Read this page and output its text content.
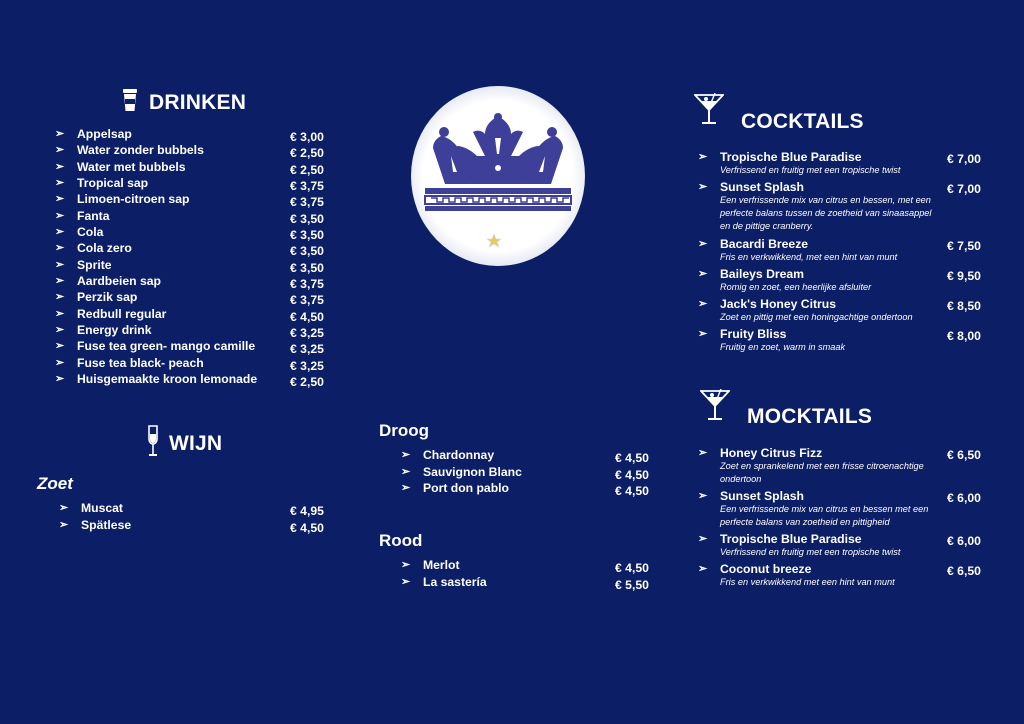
DRINKEN
➢ Appelsap	€ 3,00
➢ Water zonder bubbels	€ 2,50
➢ Water met bubbels	€ 2,50
➢ Tropical sap	€ 3,75
➢ Limoen-citroen sap	€ 3,75
➢ Fanta	€ 3,50
➢ Cola	€ 3,50
➢ Cola zero	€ 3,50
➢ Sprite	€ 3,50
➢ Aardbeien sap	€ 3,75
➢ Perzik sap	€ 3,75
➢ Redbull regular	€ 4,50
➢ Energy drink	€ 3,25
➢ Fuse tea green- mango camille	€ 3,25
➢ Fuse tea black- peach	€ 3,25
➢ Huisgemaakte kroon lemonade	€ 2,50
WIJN
Zoet
➢ Muscat	€ 4,95
➢ Spätlese	€ 4,50
Droog
➢ Chardonnay	€ 4,50
➢ Sauvignon Blanc	€ 4,50
➢ Port don pablo	€ 4,50
Rood
➢ Merlot	€ 4,50
➢ La sastería	€ 5,50
COCKTAILS
➢ Tropische Blue Paradise	€ 7,00
Verfrissend en fruitig met een tropische twist
➢ Sunset Splash	€ 7,00
Een verfrissende mix van citrus en bessen, met een perfecte balans tussen de zoetheid van sinaasappel en de pittige cranberry.
➢ Bacardi Breeze	€ 7,50
Fris en verkwikkend, met een hint van munt
➢ Baileys Dream	€ 9,50
Romig en zoet, een heerlijke afsluiter
➢ Jack's Honey Citrus	€ 8,50
Zoet en pittig met een honingachtige ondertoon
➢ Fruity Bliss	€ 8,00
Fruitig en zoet, warm in smaak
MOCKTAILS
➢ Honey Citrus Fizz	€ 6,50
Zoet en sprankelend met een frisse citroenachtige ondertoon
➢ Sunset Splash	€ 6,00
Een verfrissende mix van citrus en bessen met een perfecte balans van zoetheid en pittigheid
➢ Tropische Blue Paradise	€ 6,00
Verfrissend en fruitig met een tropische twist
➢ Coconut breeze	€ 6,50
Fris en verkwikkend met een hint van munt
